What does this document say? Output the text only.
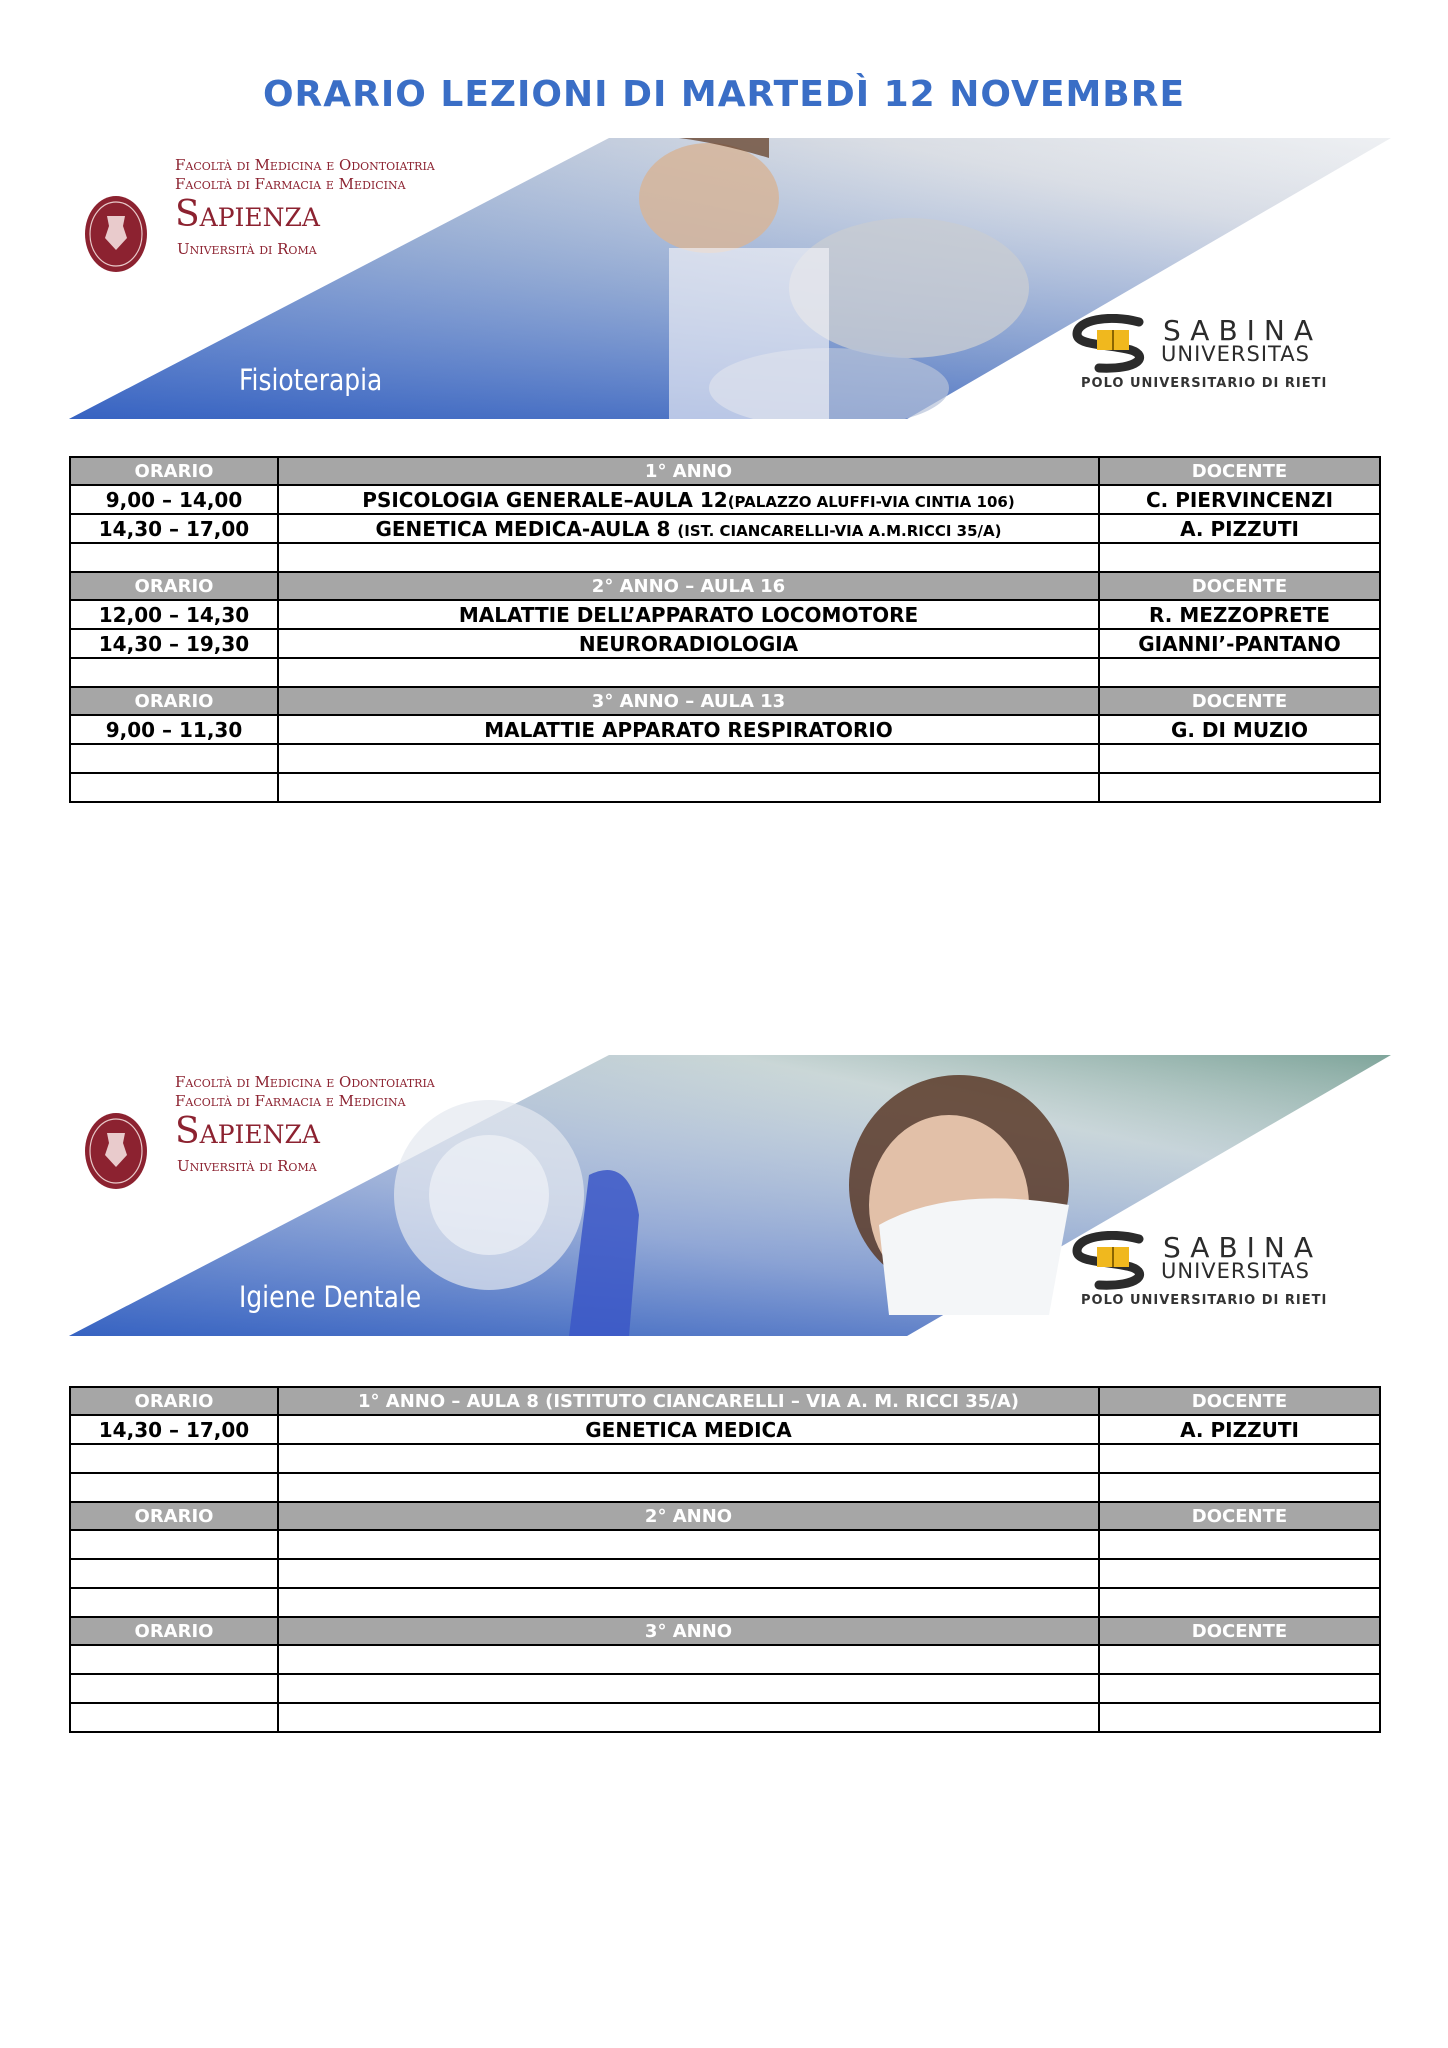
ORARIO LEZIONI DI MARTEDÌ 12 NOVEMBRE
Facoltà di Medicina e Odontoiatria
Facoltà di Farmacia e Medicina
Sapienza
Università di Roma
Fisioterapia
SABINA
UNIVERSITAS
POLO UNIVERSITARIO DI RIETI
ORARIO	1° ANNO	DOCENTE
9,00 – 14,00	PSICOLOGIA GENERALE–AULA 12(PALAZZO ALUFFI-VIA CINTIA 106)	C. PIERVINCENZI
14,30 – 17,00	GENETICA MEDICA-AULA 8 (IST. CIANCARELLI-VIA A.M.RICCI 35/A)	A. PIZZUTI

ORARIO	2° ANNO – AULA 16	DOCENTE
12,00 – 14,30	MALATTIE DELL’APPARATO LOCOMOTORE	R. MEZZOPRETE
14,30 – 19,30	NEURORADIOLOGIA	GIANNI’-PANTANO

ORARIO	3° ANNO – AULA 13	DOCENTE
9,00 – 11,30	MALATTIE APPARATO RESPIRATORIO	G. DI MUZIO

Facoltà di Medicina e Odontoiatria
Facoltà di Farmacia e Medicina
Sapienza
Università di Roma
Igiene Dentale
SABINA
UNIVERSITAS
POLO UNIVERSITARIO DI RIETI
ORARIO	1° ANNO – AULA 8 (ISTITUTO CIANCARELLI – VIA A. M. RICCI 35/A)	DOCENTE
14,30 – 17,00	GENETICA MEDICA	A. PIZZUTI

ORARIO	2° ANNO	DOCENTE

ORARIO	3° ANNO	DOCENTE
